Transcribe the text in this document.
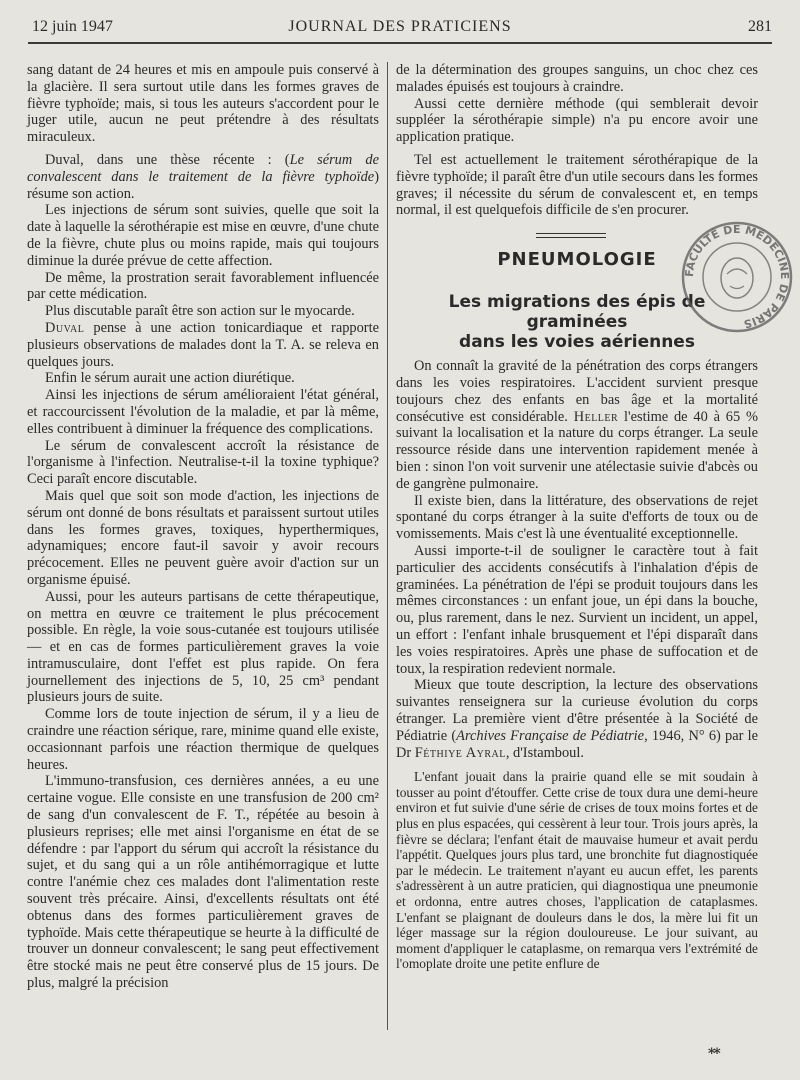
12 juin 1947	JOURNAL DES PRATICIENS	281

sang datant de 24 heures et mis en ampoule puis conservé à la glacière. Il sera surtout utile dans les formes graves de fièvre typhoïde; mais, si tous les auteurs s'accordent pour le juger utile, aucun ne peut prétendre à des résultats miraculeux.

Duval, dans une thèse récente : (Le sérum de convalescent dans le traitement de la fièvre typhoïde) résume son action.

Les injections de sérum sont suivies, quelle que soit la date à laquelle la sérothérapie est mise en œuvre, d'une chute de la fièvre, chute plus ou moins rapide, mais qui toujours diminue la durée prévue de cette affection.

De même, la prostration serait favorablement influencée par cette médication.

Plus discutable paraît être son action sur le myocarde.

Duval pense à une action tonicardiaque et rapporte plusieurs observations de malades dont la T. A. se releva en quelques jours.

Enfin le sérum aurait une action diurétique.

Ainsi les injections de sérum amélioraient l'état général, et raccourcissent l'évolution de la maladie, et par là même, elles contribuent à diminuer la fréquence des complications.

Le sérum de convalescent accroît la résistance de l'organisme à l'infection. Neutralise-t-il la toxine typhique? Ceci paraît encore discutable.

Mais quel que soit son mode d'action, les injections de sérum ont donné de bons résultats et paraissent surtout utiles dans les formes graves, toxiques, hyperthermiques, adynamiques; encore faut-il savoir y avoir recours précocement. Elles ne peuvent guère avoir d'action sur un organisme épuisé.

Aussi, pour les auteurs partisans de cette thérapeutique, on mettra en œuvre ce traitement le plus précocement possible. En règle, la voie sous-cutanée est toujours utilisée — et en cas de formes particulièrement graves la voie intramusculaire, dont l'effet est plus rapide. On fera journellement des injections de 5, 10, 25 cm³ pendant plusieurs jours de suite.

Comme lors de toute injection de sérum, il y a lieu de craindre une réaction sérique, rare, minime quand elle existe, occasionnant parfois une réaction thermique de quelques heures.

L'immuno-transfusion, ces dernières années, a eu une certaine vogue. Elle consiste en une transfusion de 200 cm² de sang d'un convalescent de F. T., répétée au besoin à plusieurs reprises; elle met ainsi l'organisme en état de se défendre : par l'apport du sérum qui accroît la résistance du sujet, et du sang qui a un rôle antihémorragique et lutte contre l'anémie chez ces malades dont l'alimentation reste souvent très précaire. Ainsi, d'excellents résultats ont été obtenus dans des formes particulièrement graves de typhoïde. Mais cette thérapeutique se heurte à la difficulté de trouver un donneur convalescent; le sang peut effectivement être stocké mais ne peut être conservé plus de 15 jours. De plus, malgré la précision

de la détermination des groupes sanguins, un choc chez ces malades épuisés est toujours à craindre.

Aussi cette dernière méthode (qui semblerait devoir suppléer la sérothérapie simple) n'a pu encore avoir une application pratique.

Tel est actuellement le traitement sérothérapique de la fièvre typhoïde; il paraît être d'un utile secours dans les formes graves; il nécessite du sérum de convalescent et, en temps normal, il est quelquefois difficile de s'en procurer.

PNEUMOLOGIE
Les migrations des épis de graminées
dans les voies aériennes

On connaît la gravité de la pénétration des corps étrangers dans les voies respiratoires. L'accident survient presque toujours chez des enfants en bas âge et la mortalité consécutive est considérable. Heller l'estime de 40 à 65 % suivant la localisation et la nature du corps étranger. La seule ressource réside dans une intervention rapidement menée à bien : sinon l'on voit survenir une atélectasie suivie d'abcès ou de gangrène pulmonaire.

Il existe bien, dans la littérature, des observations de rejet spontané du corps étranger à la suite d'efforts de toux ou de vomissements. Mais c'est là une éventualité exceptionnelle.

Aussi importe-t-il de souligner le caractère tout à fait particulier des accidents consécutifs à l'inhalation d'épis de graminées. La pénétration de l'épi se produit toujours dans les mêmes circonstances : un enfant joue, un épi dans la bouche, ou, plus rarement, dans le nez. Survient un incident, un appel, un effort : l'enfant inhale brusquement et l'épi disparaît dans les voies respiratoires. Après une phase de suffocation et de toux, la respiration redevient normale.

Mieux que toute description, la lecture des observations suivantes renseignera sur la curieuse évolution du corps étranger. La première vient d'être présentée à la Société de Pédiatrie (Archives Française de Pédiatrie, 1946, N° 6) par le Dr Féthiye Ayral, d'Istamboul.

L'enfant jouait dans la prairie quand elle se mit soudain à tousser au point d'étouffer. Cette crise de toux dura une demi-heure environ et fut suivie d'une série de crises de toux moins fortes et de plus en plus espacées, qui cessèrent à leur tour. Trois jours après, la fièvre se déclara; l'enfant était de mauvaise humeur et avait perdu l'appétit. Quelques jours plus tard, une bronchite fut diagnostiquée par le médecin. Le traitement n'ayant eu aucun effet, les parents s'adressèrent à un autre praticien, qui diagnostiqua une pneumonie et ordonna, entre autres choses, l'application de cataplasmes. L'enfant se plaignant de douleurs dans le dos, la mère lui fit un léger massage sur la région douloureuse. Le jour suivant, au moment d'appliquer le cataplasme, on remarqua vers l'extrémité de l'omoplate droite une petite enflure de

FACULTÉ DE MÉDECINE DE PARIS
**
